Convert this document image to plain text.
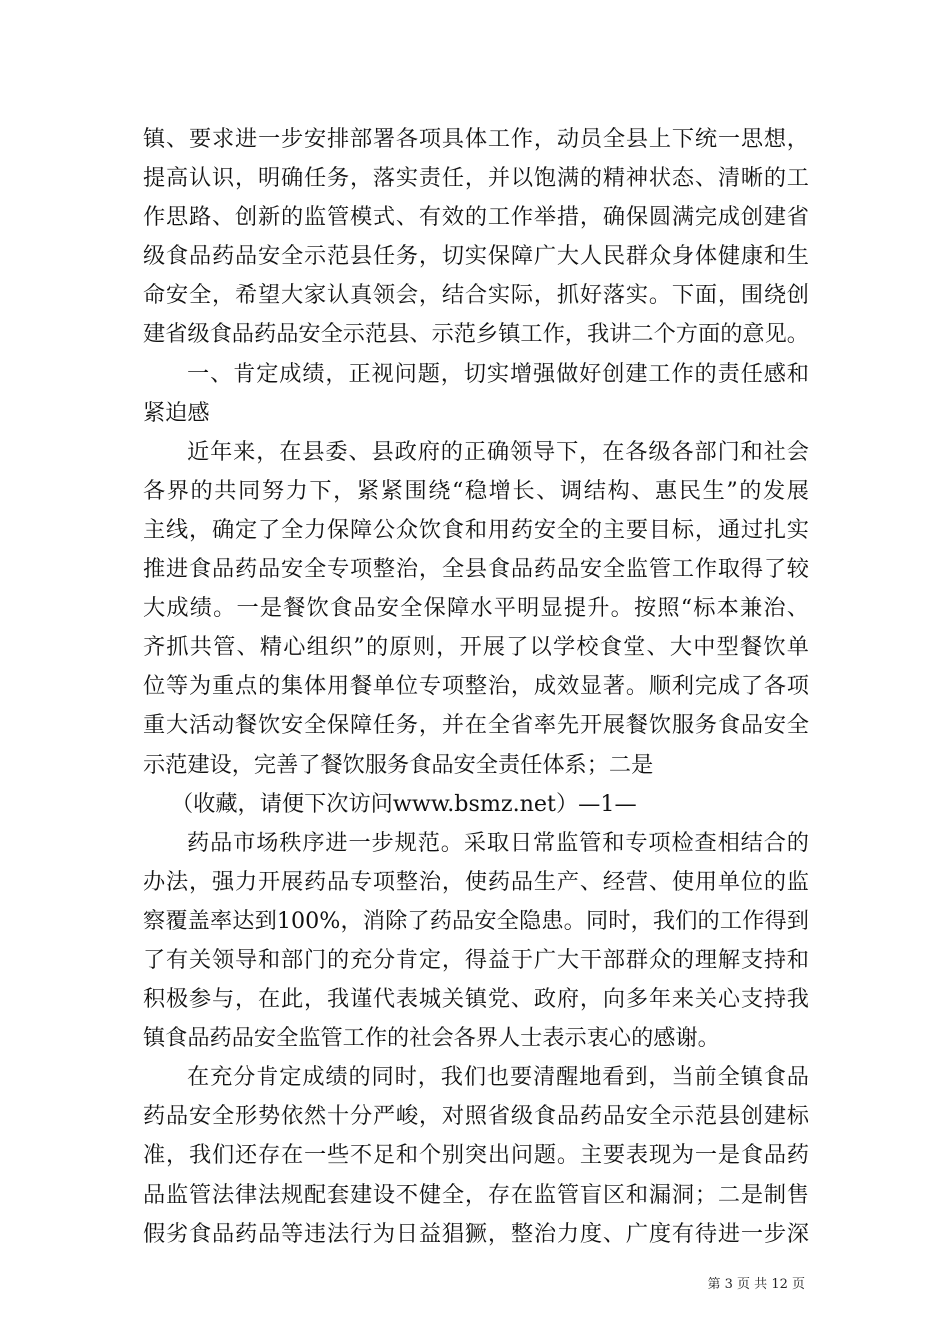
镇、要求进一步安排部署各项具体工作，动员全县上下统一思想，
提高认识，明确任务，落实责任，并以饱满的精神状态、清晰的工
作思路、创新的监管模式、有效的工作举措，确保圆满完成创建省
级食品药品安全示范县任务，切实保障广大人民群众身体健康和生
命安全，希望大家认真领会，结合实际，抓好落实。下面，围绕创
建省级食品药品安全示范县、示范乡镇工作，我讲二个方面的意见。
一、肯定成绩，正视问题，切实增强做好创建工作的责任感和
紧迫感
近年来，在县委、县政府的正确领导下，在各级各部门和社会
各界的共同努力下，紧紧围绕“稳增长、调结构、惠民生”的发展
主线，确定了全力保障公众饮食和用药安全的主要目标，通过扎实
推进食品药品安全专项整治，全县食品药品安全监管工作取得了较
大成绩。一是餐饮食品安全保障水平明显提升。按照“标本兼治、
齐抓共管、精心组织”的原则，开展了以学校食堂、大中型餐饮单
位等为重点的集体用餐单位专项整治，成效显著。顺利完成了各项
重大活动餐饮安全保障任务，并在全省率先开展餐饮服务食品安全
示范建设，完善了餐饮服务食品安全责任体系；二是
（收藏，请便下次访问www.bsmz.net）—1—
药品市场秩序进一步规范。采取日常监管和专项检查相结合的
办法，强力开展药品专项整治，使药品生产、经营、使用单位的监
察覆盖率达到100%，消除了药品安全隐患。同时，我们的工作得到
了有关领导和部门的充分肯定，得益于广大干部群众的理解支持和
积极参与，在此，我谨代表城关镇党、政府，向多年来关心支持我
镇食品药品安全监管工作的社会各界人士表示衷心的感谢。
在充分肯定成绩的同时，我们也要清醒地看到，当前全镇食品
药品安全形势依然十分严峻，对照省级食品药品安全示范县创建标
准，我们还存在一些不足和个别突出问题。主要表现为一是食品药
品监管法律法规配套建设不健全，存在监管盲区和漏洞；二是制售
假劣食品药品等违法行为日益猖獗，整治力度、广度有待进一步深
第 3 页 共 12 页
